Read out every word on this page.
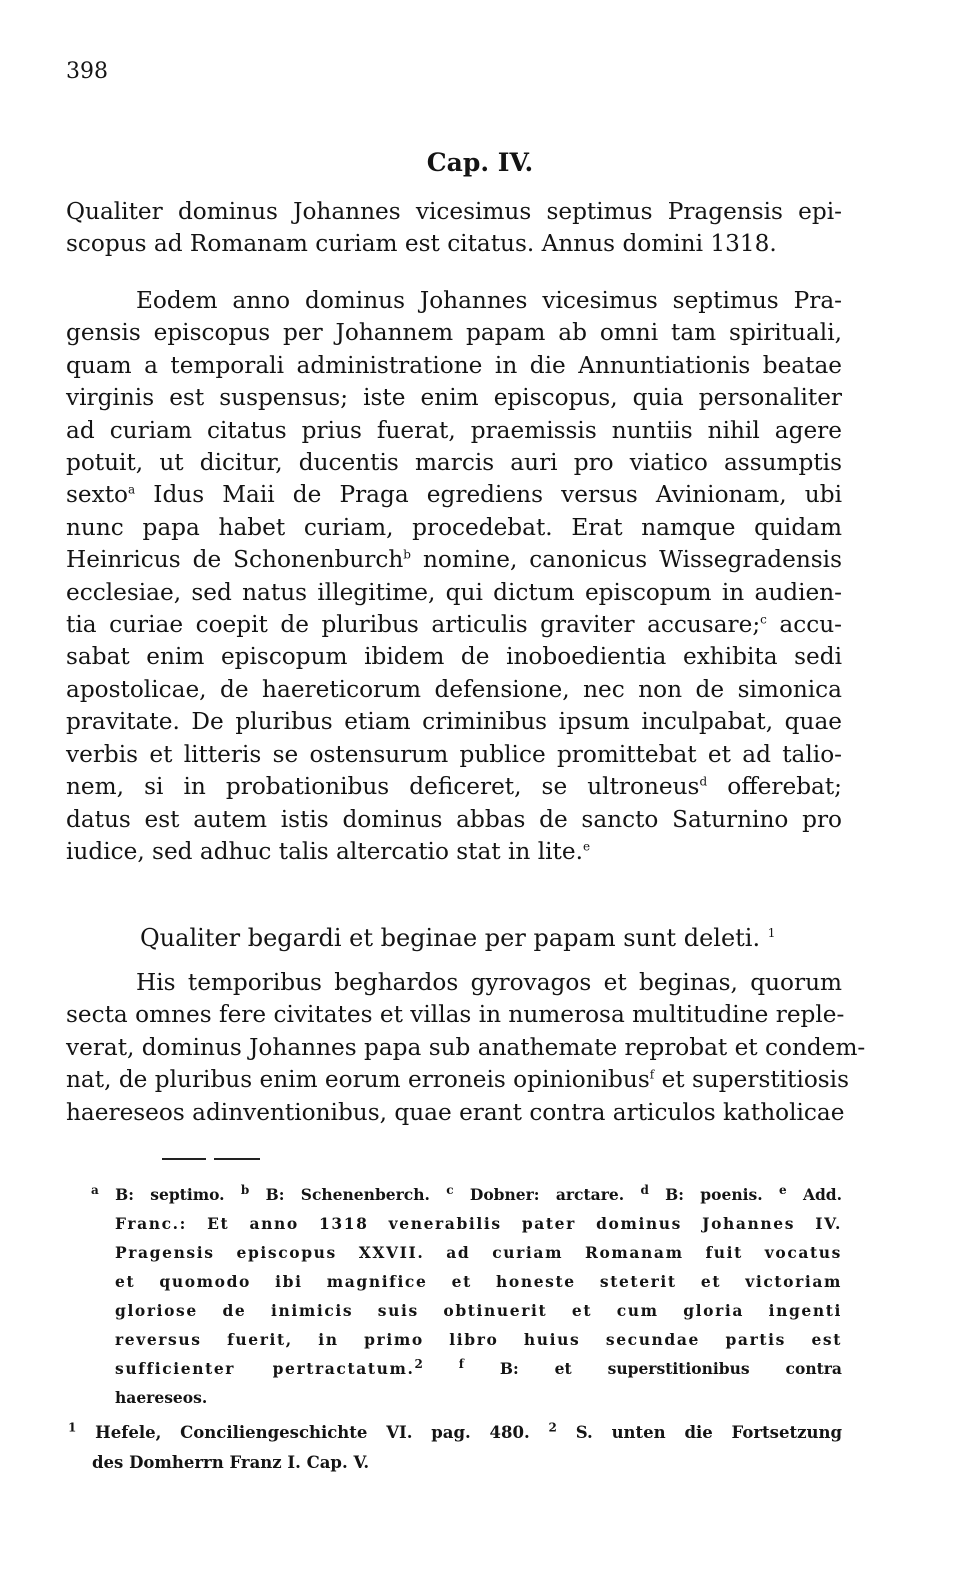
398
Cap. IV.
Qualiter dominus Johannes vicesimus septimus Pragensis epi-
scopus ad Romanam curiam est citatus. Annus domini 1318.
Eodem anno dominus Johannes vicesimus septimus Pra-
gensis episcopus per Johannem papam ab omni tam spirituali,
quam a temporali administratione in die Annuntiationis beatae
virginis est suspensus; iste enim episcopus, quia personaliter
ad curiam citatus prius fuerat, praemissis nuntiis nihil agere
potuit, ut dicitur, ducentis marcis auri pro viatico assumptis
sexto$^a$ Idus Maii de Praga egrediens versus Avinionam, ubi
nunc papa habet curiam, procedebat. Erat namque quidam
Heinricus de Schonenburch$^b$ nomine, canonicus Wissegradensis
ecclesiae, sed natus illegitime, qui dictum episcopum in audien-
tia curiae coepit de pluribus articulis graviter accusare;$^c$ accu-
sabat enim episcopum ibidem de inoboedientia exhibita sedi
apostolicae, de haereticorum defensione, nec non de simonica
pravitate. De pluribus etiam criminibus ipsum inculpabat, quae
verbis et litteris se ostensurum publice promittebat et ad talio-
nem, si in probationibus deficeret, se ultroneus$^d$ offerebat;
datus est autem istis dominus abbas de sancto Saturnino pro
iudice, sed adhuc talis altercatio stat in lite.$^e$
Qualiter begardi et beginae per papam sunt deleti. $^1$
His temporibus beghardos gyrovagos et beginas, quorum
secta omnes fere civitates et villas in numerosa multitudine reple-
verat, dominus Johannes papa sub anathemate reprobat et condem-
nat, de pluribus enim eorum erroneis opinionibus$^f$ et superstitiosis
haereseos adinventionibus, quae erant contra articulos katholicae
$^a$ B: septimo. $^b$ B: Schenenberch. $^c$ Dobner: arctare. $^d$ B: poenis. $^e$ Add.
Franc.: Et anno 1318 venerabilis pater dominus Johannes IV.
Pragensis episcopus XXVII. ad curiam Romanam fuit vocatus
et quomodo ibi magnifice et honeste steterit et victoriam
gloriose de inimicis suis obtinuerit et cum gloria ingenti
reversus fuerit, in primo libro huius secundae partis est
sufficienter pertractatum.$^2$	$^f$ B: et superstitionibus contra
haereseos.
$^1$ Hefele, Conciliengeschichte VI. pag. 480. $^2$ S. unten die Fortsetzung
des Domherrn Franz I. Cap. V.
